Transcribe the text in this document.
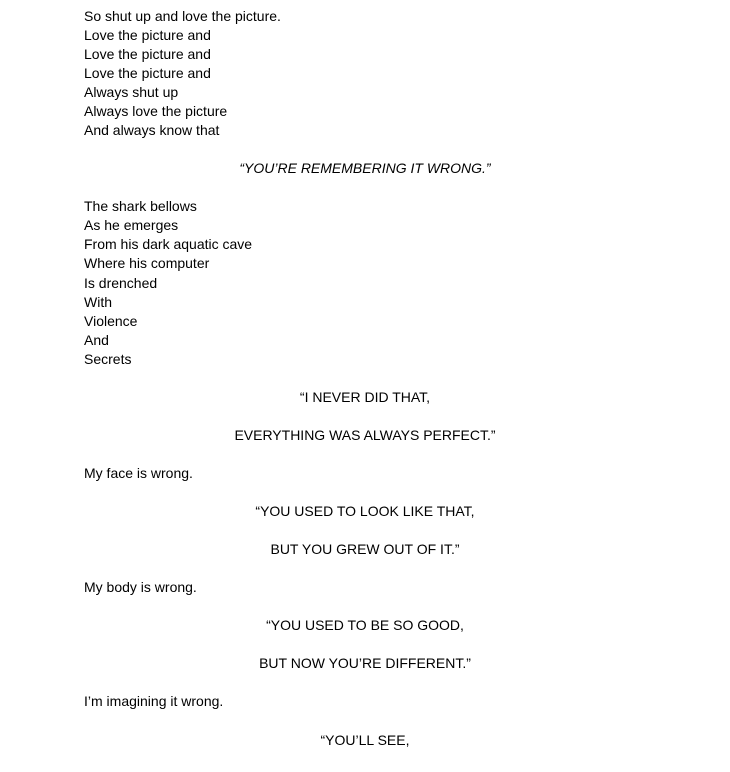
So shut up and love the picture.
Love the picture and
Love the picture and
Love the picture and
Always shut up
Always love the picture
And always know that
“YOU’RE REMEMBERING IT WRONG.”
The shark bellows
As he emerges
From his dark aquatic cave
Where his computer
Is drenched
With
Violence
And
Secrets
“I NEVER DID THAT,
EVERYTHING WAS ALWAYS PERFECT.”
My face is wrong.
“YOU USED TO LOOK LIKE THAT,
BUT YOU GREW OUT OF IT.”
My body is wrong.
“YOU USED TO BE SO GOOD,
BUT NOW YOU’RE DIFFERENT.”
I’m imagining it wrong.
“YOU’LL SEE,
